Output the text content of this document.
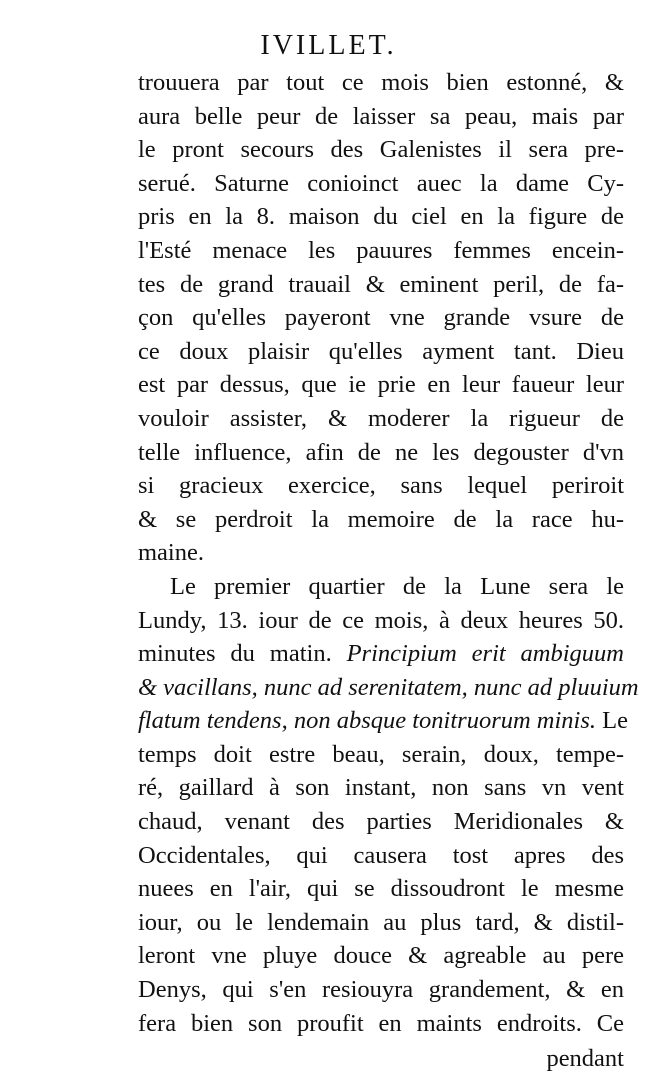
IVILLET.
trouuera par tout ce mois bien estonné, &
aura belle peur de laisser sa peau, mais par
le pront secours des Galenistes il sera pre-
serué. Saturne conioinct auec la dame Cy-
pris en la 8. maison du ciel en la figure de
l'Esté menace les pauures femmes encein-
tes de grand trauail & eminent peril, de fa-
çon qu'elles payeront vne grande vsure de
ce doux plaisir qu'elles ayment tant. Dieu
est par dessus, que ie prie en leur faueur leur
vouloir assister, & moderer la rigueur de
telle influence, afin de ne les degouster d'vn
si gracieux exercice, sans lequel periroit
& se perdroit la memoire de la race hu-
maine.
Le premier quartier de la Lune sera le
Lundy, 13. iour de ce mois, à deux heures 50.
minutes du matin. Principium erit ambiguum
& vacillans, nunc ad serenitatem, nunc ad pluuium
flatum tendens, non absque tonitruorum minis. Le
temps doit estre beau, serain, doux, tempe-
ré, gaillard à son instant, non sans vn vent
chaud, venant des parties Meridionales &
Occidentales, qui causera tost apres des
nuees en l'air, qui se dissoudront le mesme
iour, ou le lendemain au plus tard, & distil-
leront vne pluye douce & agreable au pere
Denys, qui s'en resiouyra grandement, & en
fera bien son proufit en maints endroits. Ce
pendant
